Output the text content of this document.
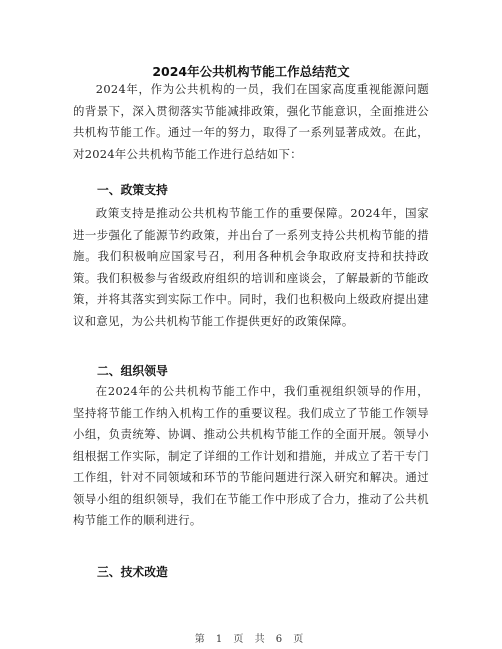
2024年公共机构节能工作总结范文
2024年，作为公共机构的一员，我们在国家高度重视能源问题的背景下，深入贯彻落实节能减排政策，强化节能意识，全面推进公共机构节能工作。通过一年的努力，取得了一系列显著成效。在此，对2024年公共机构节能工作进行总结如下：
一、政策支持
政策支持是推动公共机构节能工作的重要保障。2024年，国家进一步强化了能源节约政策，并出台了一系列支持公共机构节能的措施。我们积极响应国家号召，利用各种机会争取政府支持和扶持政策。我们积极参与省级政府组织的培训和座谈会，了解最新的节能政策，并将其落实到实际工作中。同时，我们也积极向上级政府提出建议和意见，为公共机构节能工作提供更好的政策保障。
二、组织领导
在2024年的公共机构节能工作中，我们重视组织领导的作用，坚持将节能工作纳入机构工作的重要议程。我们成立了节能工作领导小组，负责统筹、协调、推动公共机构节能工作的全面开展。领导小组根据工作实际，制定了详细的工作计划和措施，并成立了若干专门工作组，针对不同领域和环节的节能问题进行深入研究和解决。通过领导小组的组织领导，我们在节能工作中形成了合力，推动了公共机构节能工作的顺利进行。
三、技术改造
第 1 页 共 6 页
